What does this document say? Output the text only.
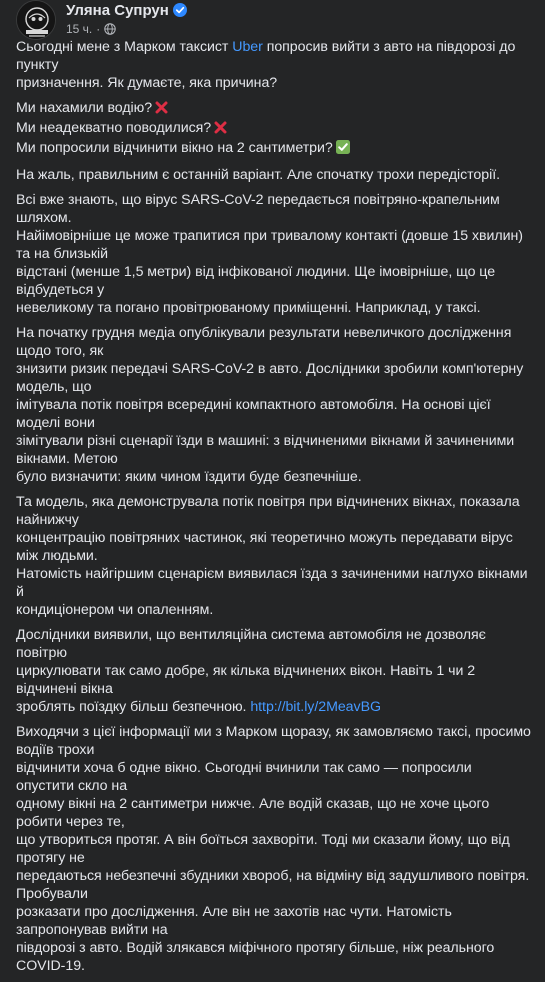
Уляна Супрун
15 ч. ·

Сьогодні мене з Марком таксист Uber попросив вийти з авто на півдорозі до пункту
призначення. Як думаєте, яка причина?

Ми нахамили водію?
Ми неадекватно поводилися?
Ми попросили відчинити вікно на 2 сантиметри?

На жаль, правильним є останній варіант. Але спочатку трохи передісторії.

Всі вже знають, що вірус SARS-CoV-2 передається повітряно-крапельним шляхом.
Найімовірніше це може трапитися при тривалому контакті (довше 15 хвилин) та на близькій
відстані (менше 1,5 метри) від інфікованої людини. Ще імовірніше, що це відбудеться у
невеликому та погано провітрюваному приміщенні. Наприклад, у таксі.

На початку грудня медіа опублікували результати невеличкого дослідження щодо того, як
знизити ризик передачі SARS-CoV-2 в авто. Дослідники зробили комп'ютерну модель, що
імітувала потік повітря всередині компактного автомобіля. На основі цієї моделі вони
зімітували різні сценарії їзди в машині: з відчиненими вікнами й зачиненими вікнами. Метою
було визначити: яким чином їздити буде безпечніше.

Та модель, яка демонструвала потік повітря при відчинених вікнах, показала найнижчу
концентрацію повітряних частинок, які теоретично можуть передавати вірус між людьми.
Натомість найгіршим сценарієм виявилася їзда з зачиненими наглухо вікнами й
кондиціонером чи опаленням.

Дослідники виявили, що вентиляційна система автомобіля не дозволяє повітрю
циркулювати так само добре, як кілька відчинених вікон. Навіть 1 чи 2 відчинені вікна
зроблять поїздку більш безпечною. http://bit.ly/2MeavBG

Виходячи з цієї інформації ми з Марком щоразу, як замовляємо таксі, просимо водіїв трохи
відчинити хоча б одне вікно. Сьогодні вчинили так само — попросили опустити скло на
одному вікні на 2 сантиметри нижче. Але водій сказав, що не хоче цього робити через те,
що утвориться протяг. А він боїться захворіти. Тоді ми сказали йому, що від протягу не
передаються небезпечні збудники хвороб, на відміну від задушливого повітря. Пробували
розказати про дослідження. Але він не захотів нас чути. Натомість запропонував вийти на
півдорозі з авто. Водій злякався міфічного протягу більше, ніж реального COVID-19.
